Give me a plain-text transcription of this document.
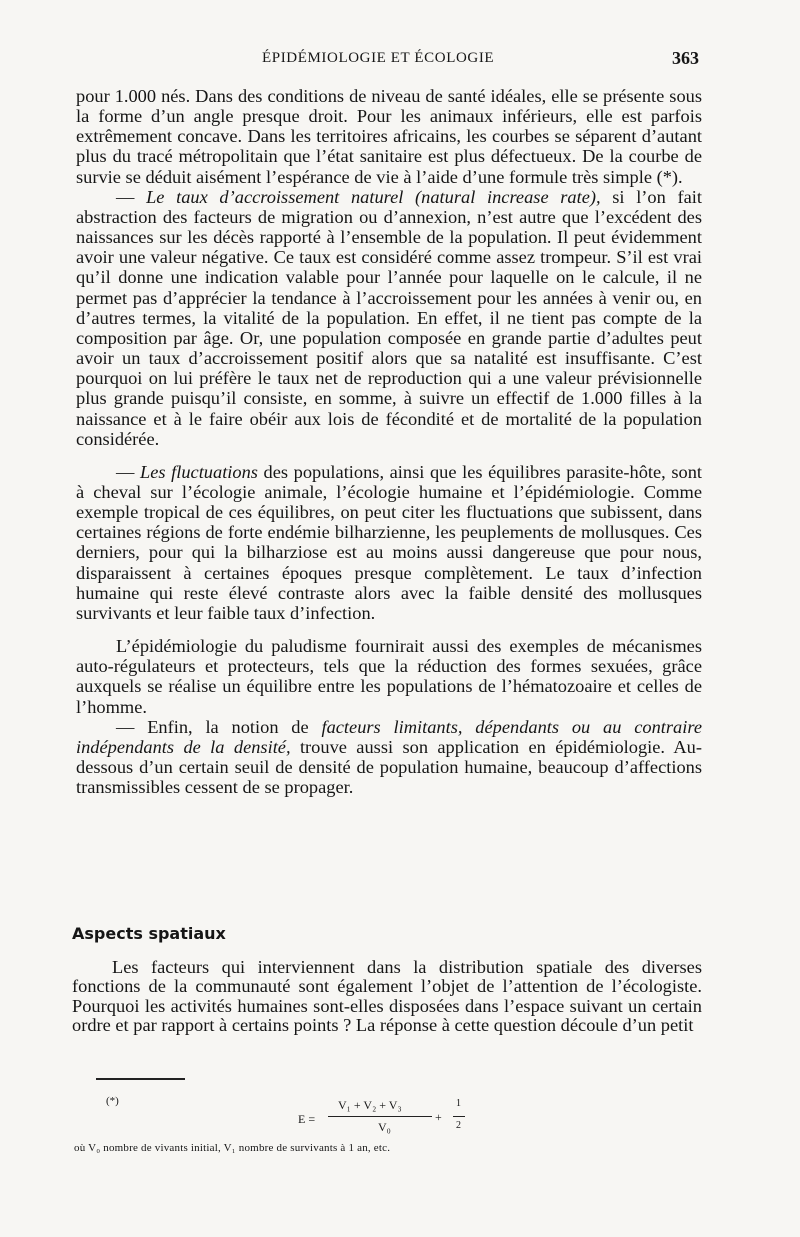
ÉPIDÉMIOLOGIE ET ÉCOLOGIE	363

pour 1.000 nés. Dans des conditions de niveau de santé idéales, elle se présente sous la forme d’un angle presque droit. Pour les animaux inférieurs, elle est parfois extrêmement concave. Dans les territoires africains, les courbes se séparent d’autant plus du tracé métropolitain que l’état sanitaire est plus défectueux. De la courbe de survie se déduit aisément l’espérance de vie à l’aide d’une formule très simple (*).

— Le taux d’accroissement naturel (natural increase rate), si l’on fait abstraction des facteurs de migration ou d’annexion, n’est autre que l’excédent des naissances sur les décès rapporté à l’ensemble de la population. Il peut évidemment avoir une valeur négative. Ce taux est considéré comme assez trompeur. S’il est vrai qu’il donne une indication valable pour l’année pour laquelle on le calcule, il ne permet pas d’apprécier la tendance à l’accroissement pour les années à venir ou, en d’autres termes, la vitalité de la population. En effet, il ne tient pas compte de la composition par âge. Or, une population composée en grande partie d’adultes peut avoir un taux d’accroissement positif alors que sa natalité est insuffisante. C’est pourquoi on lui préfère le taux net de reproduction qui a une valeur prévisionnelle plus grande puisqu’il consiste, en somme, à suivre un effectif de 1.000 filles à la naissance et à le faire obéir aux lois de fécondité et de mortalité de la population considérée.

— Les fluctuations des populations, ainsi que les équilibres parasite-hôte, sont à cheval sur l’écologie animale, l’écologie humaine et l’épidémiologie. Comme exemple tropical de ces équilibres, on peut citer les fluctuations que subissent, dans certaines régions de forte endémie bilharzienne, les peuplements de mollusques. Ces derniers, pour qui la bilharziose est au moins aussi dangereuse que pour nous, disparaissent à certaines époques presque complètement. Le taux d’infection humaine qui reste élevé contraste alors avec la faible densité des mollusques survivants et leur faible taux d’infection.

L’épidémiologie du paludisme fournirait aussi des exemples de mécanismes auto-régulateurs et protecteurs, tels que la réduction des formes sexuées, grâce auxquels se réalise un équilibre entre les populations de l’hématozoaire et celles de l’homme.

— Enfin, la notion de facteurs limitants, dépendants ou au contraire indépendants de la densité, trouve aussi son application en épidémiologie. Au-dessous d’un certain seuil de densité de population humaine, beaucoup d’affections transmissibles cessent de se propager.

Aspects spatiaux

Les facteurs qui interviennent dans la distribution spatiale des diverses fonctions de la communauté sont également l’objet de l’attention de l’écologiste. Pourquoi les activités humaines sont-elles disposées dans l’espace suivant un certain ordre et par rapport à certains points ? La réponse à cette question découle d’un petit

(*)
E =
V₁ + V₂ + V₃
V₀
+
1
2
où V₀ nombre de vivants initial, V₁ nombre de survivants à 1 an, etc.
